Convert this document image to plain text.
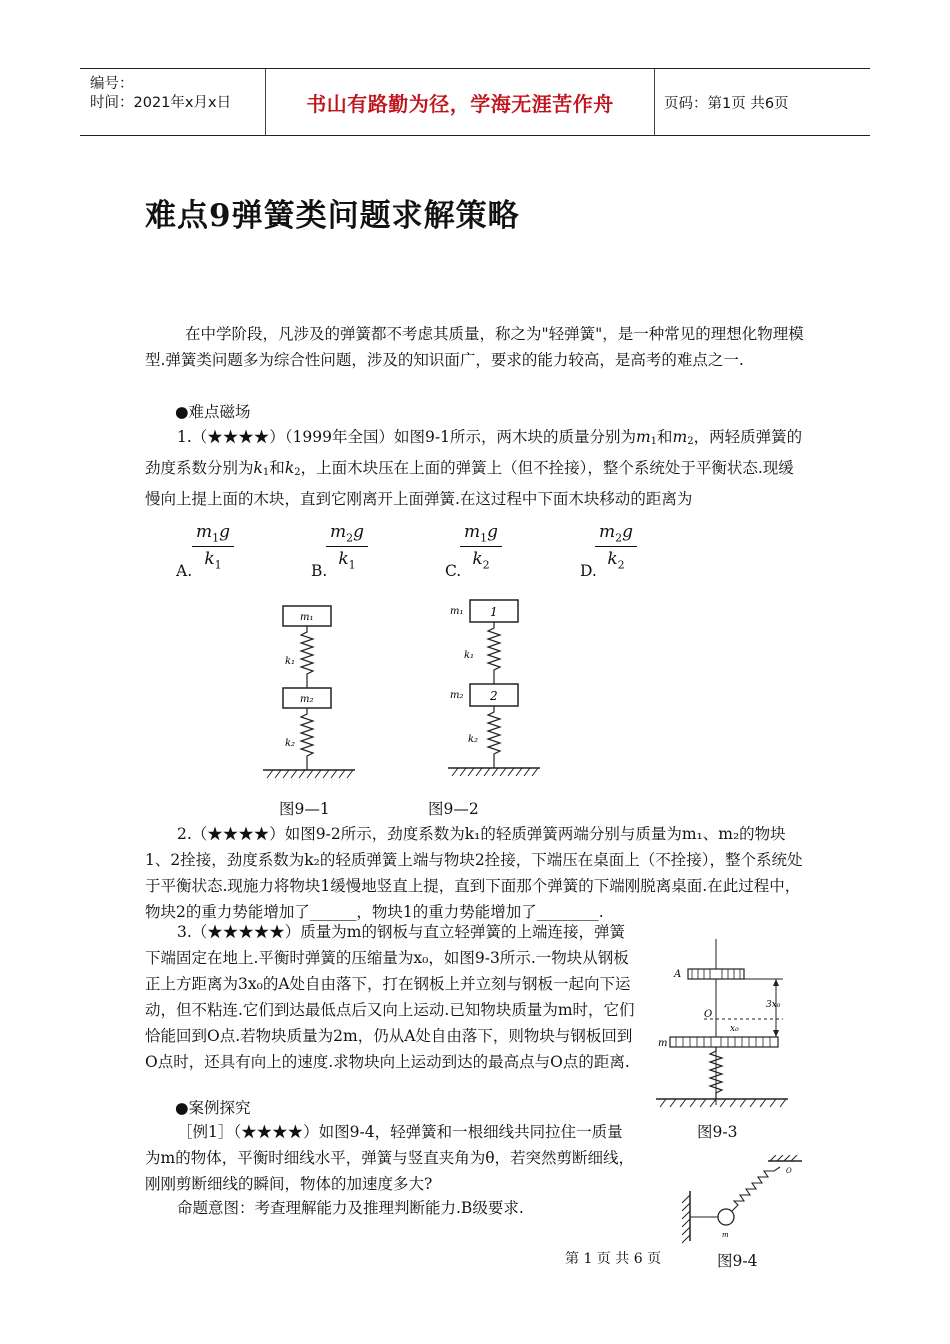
编号：
时间：2021年x月x日	书山有路勤为径，学海无涯苦作舟	页码：第1页 共6页
难点9弹簧类问题求解策略
在中学阶段，凡涉及的弹簧都不考虑其质量，称之为"轻弹簧"，是一种常见的理想化物理模型.弹簧类问题多为综合性问题，涉及的知识面广，要求的能力较高，是高考的难点之一.
●难点磁场
1.（★★★★）（1999年全国）如图9-1所示，两木块的质量分别为$m_1$和$m_2$，两轻质弹簧的劲度系数分别为$k_1$和$k_2$，上面木块压在上面的弹簧上（但不拴接），整个系统处于平衡状态.现缓慢向上提上面的木块，直到它刚离开上面弹簧.在这过程中下面木块移动的距离为
A. $\frac{m_1g}{k_1}$	B.
$\frac{m_2g}{k_1}$	C.
$\frac{m_1g}{k_2}$	D.
$\frac{m_2g}{k_2}$
m₁
k₁
m₂
k₂
图9—1
m₁ 1
k₁
m₂ 2
k₂
图9—2
2.（★★★★）如图9-2所示，劲度系数为k₁的轻质弹簧两端分别与质量为m₁、m₂的物块1、2拴接，劲度系数为k₂的轻质弹簧上端与物块2拴接，下端压在桌面上（不拴接），整个系统处于平衡状态.现施力将物块1缓慢地竖直上提，直到下面那个弹簧的下端刚脱离桌面.在此过程中，物块2的重力势能增加了______，物块1的重力势能增加了________.
3.（★★★★★）质量为m的钢板与直立轻弹簧的上端连接，弹簧下端固定在地上.平衡时弹簧的压缩量为x₀，如图9-3所示.一物块从钢板正上方距离为3x₀的A处自由落下，打在钢板上并立刻与钢板一起向下运动，但不粘连.它们到达最低点后又向上运动.已知物块质量为m时，它们恰能回到O点.若物块质量为2m，仍从A处自由落下，则物块与钢板回到O点时，还具有向上的速度.求物块向上运动到达的最高点与O点的距离.
A
O
3x₀
x₀
m
图9-3
●案例探究
［例1］（★★★★）如图9-4，轻弹簧和一根细线共同拉住一质量为m的物体，平衡时细线水平，弹簧与竖直夹角为θ，若突然剪断细线，刚刚剪断细线的瞬间，物体的加速度多大?
命题意图：考查理解能力及推理判断能力.B级要求.
m
O
图9-4
第 1 页 共 6 页
